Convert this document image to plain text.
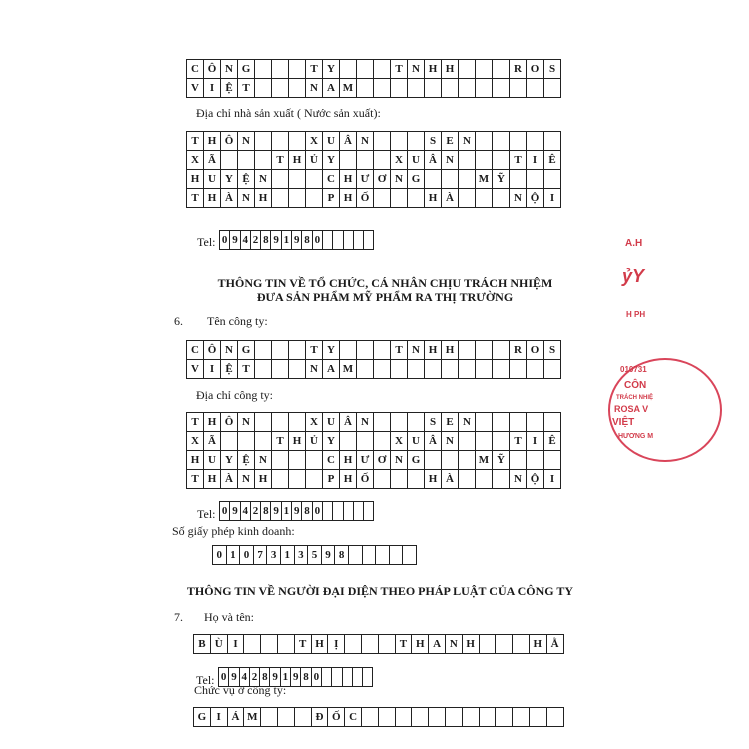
C Ô N G	T Y	T N H H	R O S
V I	Ệ T	N A M
Địa chỉ nhà sản xuất ( Nước sản xuất):
T H Ô N	X U Â N	S E N
X Ã	T H Ủ Y	X U Â N	T	I	Ê
H U Y Ệ N	C H Ư Ơ N G	M Ỹ
T H À N H	P H Ố	H À	N Ộ I
Tel: 0 9 4 2 8 9 1 9 8 0
THÔNG TIN VỀ TỔ CHỨC, CÁ NHÂN CHỊU TRÁCH NHIỆM
ĐƯA SẢN PHẨM MỸ PHẨM RA THỊ TRƯỜNG
6. Tên công ty:
C Ô N G	T Y	T N H H	R O S
V I	Ệ T	N A M
Địa chỉ công ty:
T H Ô N	X U Â N	S E N
X Ã	T H Ủ Y	X U Â N	T	I	Ê
H U Y Ệ N	C H Ư Ơ N G	M Ỹ
T H À N H	P H Ố	H À	N Ộ I
Tel: 0 9 4 2 8 9 1 9 8 0
Số giấy phép kinh doanh:
0 1 0 7 3 1 3 5 9 8
THÔNG TIN VỀ NGƯỜI ĐẠI DIỆN THEO PHÁP LUẬT CỦA CÔNG TY
7. Họ và tên:
B Ù I	T H Ị	T H A N H	H Ằ
Tel: 0 9 4 2 8 9 1 9 8 0
Chức vụ ở công ty:
G I Á M	Đ Ố C
A.H
ỷY
H PH
010731
CÔN
TRÁCH NHIỆ
ROSA V
VIỆT
HƯƠNG M
